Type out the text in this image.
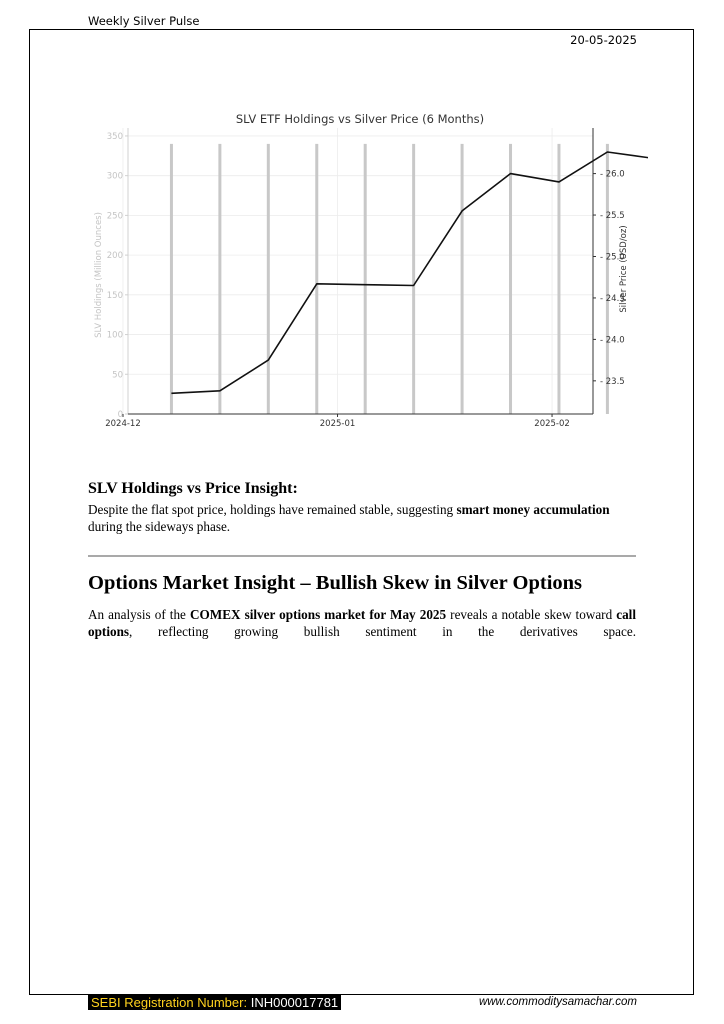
Weekly Silver Pulse
20-05-2025
SLV ETF Holdings vs Silver Price (6 Months)
0
50
100
150
200
250
300
350
- 23.5
- 24.0
- 24.5
- 25.0
- 25.5
- 26.0
2024-12	2025-01	2025-02
SLV Holdings (Million Ounces)	Silver Price (USD/oz)
SLV Holdings vs Price Insight:

Despite the flat spot price, holdings have remained stable, suggesting smart money accumulation during the sideways phase.

Options Market Insight – Bullish Skew in Silver Options

An analysis of the COMEX silver options market for May 2025 reveals a notable skew toward call options, reflecting growing bullish sentiment in the derivatives space.

SEBI Registration Number: INH000017781	www.commoditysamachar.com
